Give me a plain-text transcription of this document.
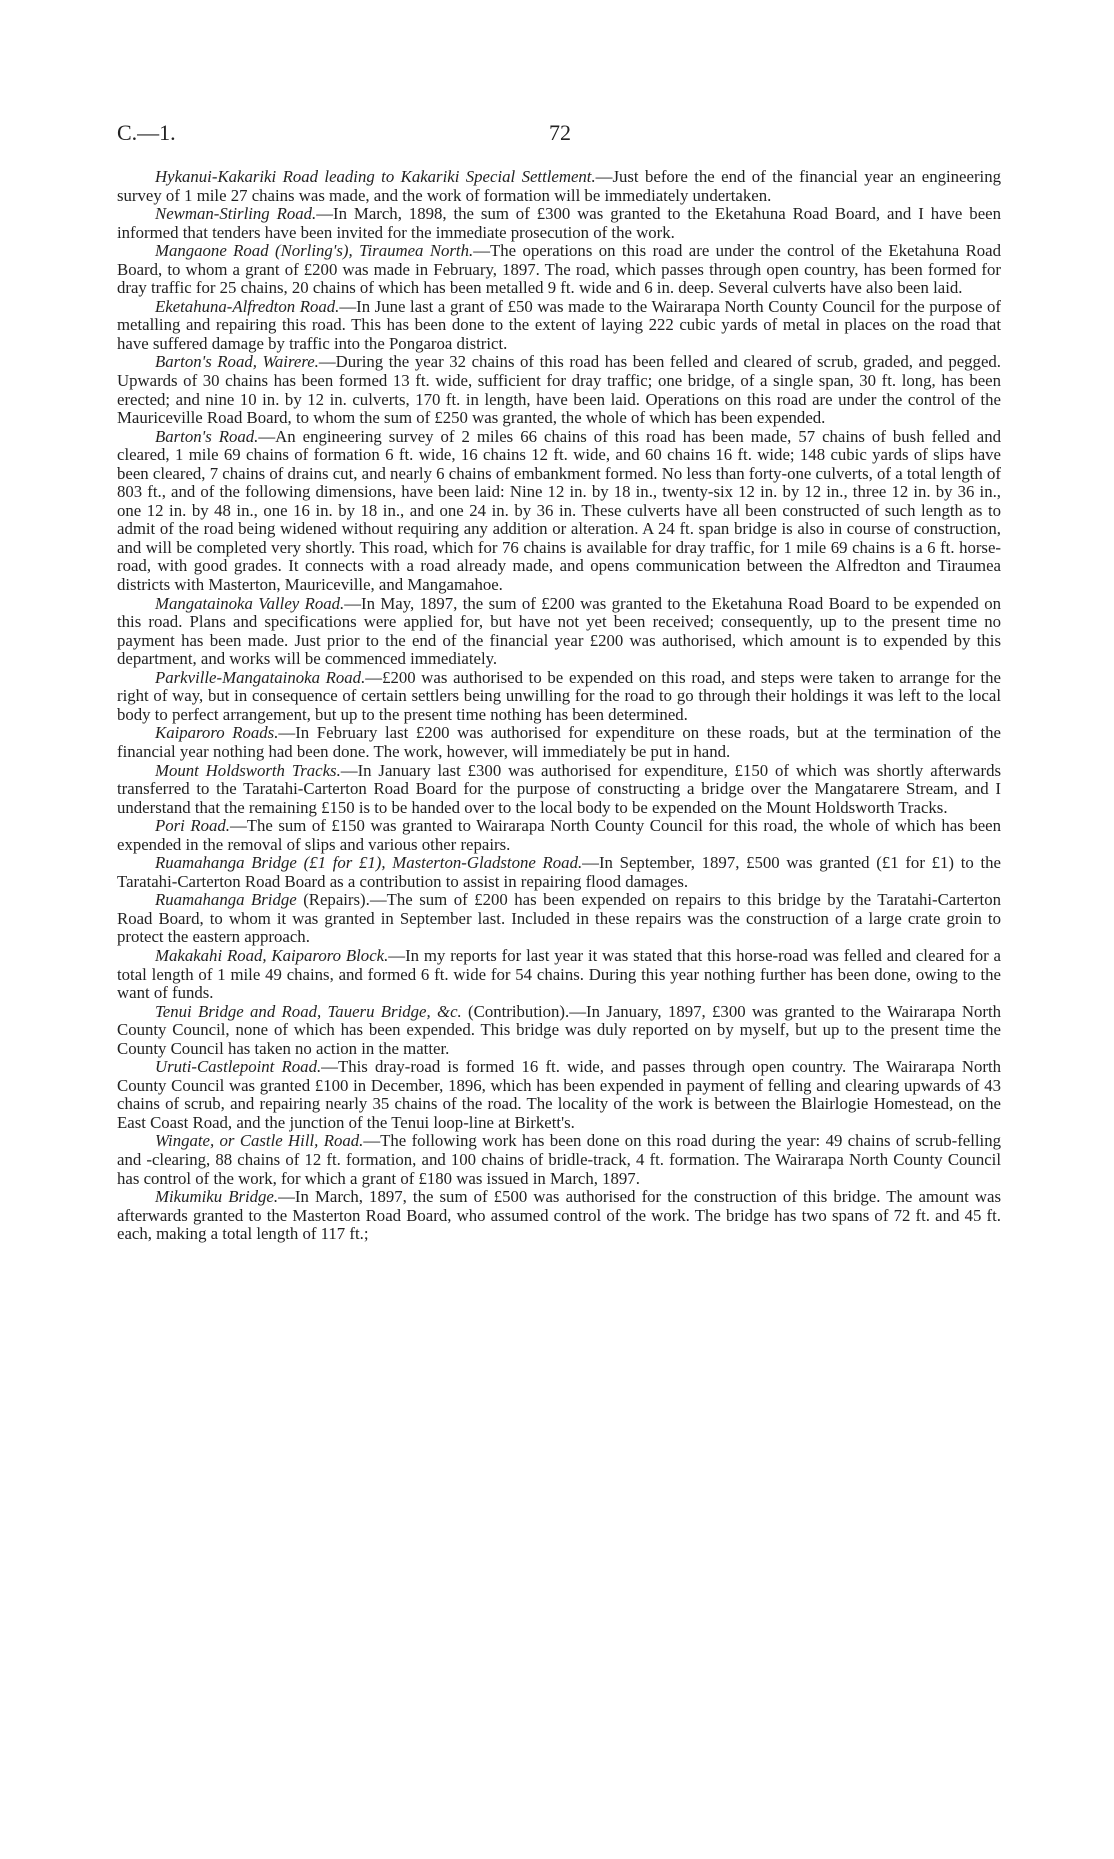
C.—1.	72

Hykanui-Kakariki Road leading to Kakariki Special Settlement.—Just before the end of the financial year an engineering survey of 1 mile 27 chains was made, and the work of formation will be immediately undertaken.

Newman-Stirling Road.—In March, 1898, the sum of £300 was granted to the Eketahuna Road Board, and I have been informed that tenders have been invited for the immediate prosecution of the work.

Mangaone Road (Norling's), Tiraumea North.—The operations on this road are under the control of the Eketahuna Road Board, to whom a grant of £200 was made in February, 1897. The road, which passes through open country, has been formed for dray traffic for 25 chains, 20 chains of which has been metalled 9 ft. wide and 6 in. deep. Several culverts have also been laid.

Eketahuna-Alfredton Road.—In June last a grant of £50 was made to the Wairarapa North County Council for the purpose of metalling and repairing this road. This has been done to the extent of laying 222 cubic yards of metal in places on the road that have suffered damage by traffic into the Pongaroa district.

Barton's Road, Wairere.—During the year 32 chains of this road has been felled and cleared of scrub, graded, and pegged. Upwards of 30 chains has been formed 13 ft. wide, sufficient for dray traffic; one bridge, of a single span, 30 ft. long, has been erected; and nine 10 in. by 12 in. culverts, 170 ft. in length, have been laid. Operations on this road are under the control of the Mauriceville Road Board, to whom the sum of £250 was granted, the whole of which has been expended.

Barton's Road.—An engineering survey of 2 miles 66 chains of this road has been made, 57 chains of bush felled and cleared, 1 mile 69 chains of formation 6 ft. wide, 16 chains 12 ft. wide, and 60 chains 16 ft. wide; 148 cubic yards of slips have been cleared, 7 chains of drains cut, and nearly 6 chains of embankment formed. No less than forty-one culverts, of a total length of 803 ft., and of the following dimensions, have been laid: Nine 12 in. by 18 in., twenty-six 12 in. by 12 in., three 12 in. by 36 in., one 12 in. by 48 in., one 16 in. by 18 in., and one 24 in. by 36 in. These culverts have all been constructed of such length as to admit of the road being widened without requiring any addition or alteration. A 24 ft. span bridge is also in course of construction, and will be completed very shortly. This road, which for 76 chains is available for dray traffic, for 1 mile 69 chains is a 6 ft. horse-road, with good grades. It connects with a road already made, and opens communication between the Alfredton and Tiraumea districts with Masterton, Mauriceville, and Mangamahoe.

Mangatainoka Valley Road.—In May, 1897, the sum of £200 was granted to the Eketahuna Road Board to be expended on this road. Plans and specifications were applied for, but have not yet been received; consequently, up to the present time no payment has been made. Just prior to the end of the financial year £200 was authorised, which amount is to expended by this department, and works will be commenced immediately.

Parkville-Mangatainoka Road.—£200 was authorised to be expended on this road, and steps were taken to arrange for the right of way, but in consequence of certain settlers being unwilling for the road to go through their holdings it was left to the local body to perfect arrangement, but up to the present time nothing has been determined.

Kaiparoro Roads.—In February last £200 was authorised for expenditure on these roads, but at the termination of the financial year nothing had been done. The work, however, will immediately be put in hand.

Mount Holdsworth Tracks.—In January last £300 was authorised for expenditure, £150 of which was shortly afterwards transferred to the Taratahi-Carterton Road Board for the purpose of constructing a bridge over the Mangatarere Stream, and I understand that the remaining £150 is to be handed over to the local body to be expended on the Mount Holdsworth Tracks.

Pori Road.—The sum of £150 was granted to Wairarapa North County Council for this road, the whole of which has been expended in the removal of slips and various other repairs.

Ruamahanga Bridge (£1 for £1), Masterton-Gladstone Road.—In September, 1897, £500 was granted (£1 for £1) to the Taratahi-Carterton Road Board as a contribution to assist in repairing flood damages.

Ruamahanga Bridge (Repairs).—The sum of £200 has been expended on repairs to this bridge by the Taratahi-Carterton Road Board, to whom it was granted in September last. Included in these repairs was the construction of a large crate groin to protect the eastern approach.

Makakahi Road, Kaiparoro Block.—In my reports for last year it was stated that this horse-road was felled and cleared for a total length of 1 mile 49 chains, and formed 6 ft. wide for 54 chains. During this year nothing further has been done, owing to the want of funds.

Tenui Bridge and Road, Taueru Bridge, &c. (Contribution).—In January, 1897, £300 was granted to the Wairarapa North County Council, none of which has been expended. This bridge was duly reported on by myself, but up to the present time the County Council has taken no action in the matter.

Uruti-Castlepoint Road.—This dray-road is formed 16 ft. wide, and passes through open country. The Wairarapa North County Council was granted £100 in December, 1896, which has been expended in payment of felling and clearing upwards of 43 chains of scrub, and repairing nearly 35 chains of the road. The locality of the work is between the Blairlogie Homestead, on the East Coast Road, and the junction of the Tenui loop-line at Birkett's.

Wingate, or Castle Hill, Road.—The following work has been done on this road during the year: 49 chains of scrub-felling and -clearing, 88 chains of 12 ft. formation, and 100 chains of bridle-track, 4 ft. formation. The Wairarapa North County Council has control of the work, for which a grant of £180 was issued in March, 1897.

Mikumiku Bridge.—In March, 1897, the sum of £500 was authorised for the construction of this bridge. The amount was afterwards granted to the Masterton Road Board, who assumed control of the work. The bridge has two spans of 72 ft. and 45 ft. each, making a total length of 117 ft.;
